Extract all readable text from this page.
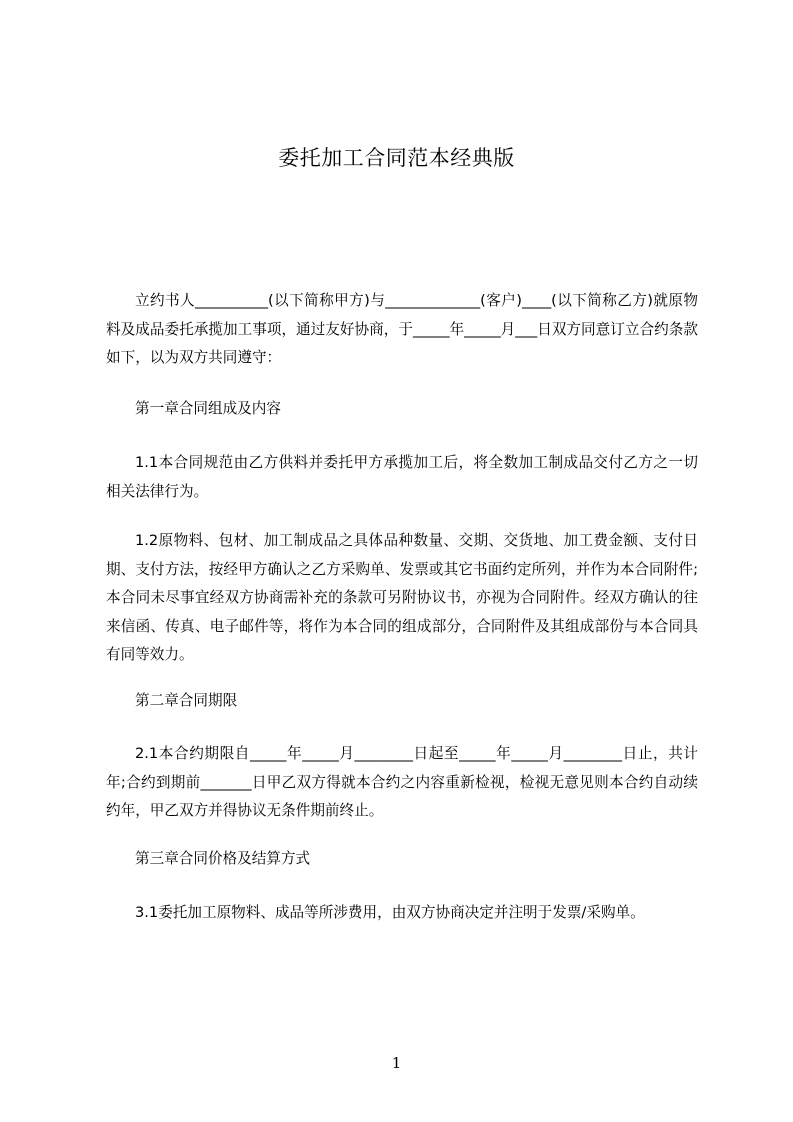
委托加工合同范本经典版
立约书人__________(以下简称甲方)与_____________(客户)____(以下简称乙方)就原物料及成品委托承揽加工事项，通过友好协商，于_____年_____月___日双方同意订立合约条款如下，以为双方共同遵守：
第一章合同组成及内容
1.1本合同规范由乙方供料并委托甲方承揽加工后，将全数加工制成品交付乙方之一切相关法律行为。
1.2原物料、包材、加工制成品之具体品种数量、交期、交货地、加工费金额、支付日期、支付方法，按经甲方确认之乙方采购单、发票或其它书面约定所列，并作为本合同附件;本合同未尽事宜经双方协商需补充的条款可另附协议书，亦视为合同附件。经双方确认的往来信函、传真、电子邮件等，将作为本合同的组成部分，合同附件及其组成部份与本合同具有同等效力。
第二章合同期限
2.1本合约期限自_____年_____月________日起至_____年_____月________日止，共计年;合约到期前_______日甲乙双方得就本合约之内容重新检视，检视无意见则本合约自动续约年，甲乙双方并得协议无条件期前终止。
第三章合同价格及结算方式
3.1委托加工原物料、成品等所涉费用，由双方协商决定并注明于发票/采购单。
1
